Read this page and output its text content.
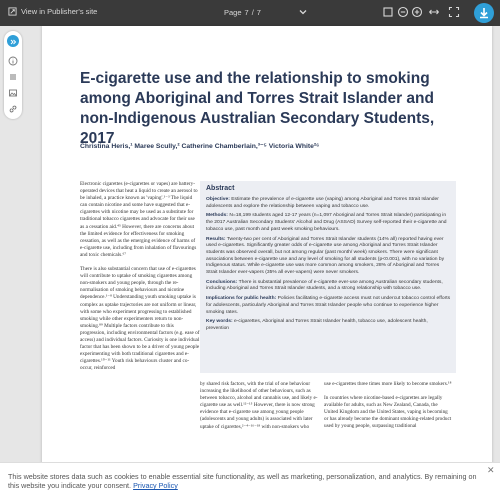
View in Publisher's site	Page 7 / 7
E-cigarette use and the relationship to smoking among Aboriginal and Torres Strait Islander and non-Indigenous Australian Secondary Students, 2017
Christina Heris,¹ Maree Scully,² Catherine Chamberlain,³⁻⁵ Victoria White²⁶

Electronic cigarettes (e-cigarettes or vapes) are battery-operated devices that heat a liquid to create an aerosol to be inhaled, a practice known as 'vaping'.¹⁻³ The liquid can contain nicotine and some have suggested that e-cigarettes with nicotine may be used as a substitute for traditional tobacco cigarettes and advocate for their use as a cessation aid.⁴⁵ However, there are concerns about the limited evidence for effectiveness for smoking cessation, as well as the emerging evidence of harms of e-cigarette use, including from inhalation of flavourings and toxic chemicals.⁶⁷

There is also substantial concern that use of e-cigarettes will contribute to uptake of smoking cigarettes among non-smokers and young people, through the re-normalisation of smoking behaviours and nicotine dependence.¹⁻⁸ Understanding youth smoking uptake is complex as uptake trajectories are not uniform or linear, with some who experiment progressing to established smoking while other experimenters return to non-smoking.⁸⁹ Multiple factors contribute to this progression, including environmental factors (e.g. ease of access) and individual factors. Curiosity is one individual factor that has been shown to be a driver of young people experimenting with both traditional cigarettes and e-cigarettes.¹⁰⁻¹¹ Youth risk behaviours cluster and co-occur, reinforced

Abstract

Objective: Estimate the prevalence of e-cigarette use (vaping) among Aboriginal and Torres Strait Islander adolescents and explore the relationship between vaping and tobacco use.

Methods: N=18,199 students aged 12-17 years (n=1,097 Aboriginal and Torres Strait Islander) participating in the 2017 Australian Secondary Students' Alcohol and Drug (ASSAD) Survey self-reported their e-cigarette and tobacco use, past month and past week smoking behaviours.

Results: Twenty-two per cent of Aboriginal and Torres Strait Islander students (14% all) reported having ever used e-cigarettes. Significantly greater odds of e-cigarette use among Aboriginal and Torres Strait Islander students was observed overall, but not among regular (past month/ week) smokers. There were significant associations between e-cigarette use and any level of smoking for all students (p<0.001), with no variation by Indigenous status. While e-cigarette use was more common among smokers, 28% of Aboriginal and Torres Strait Islander ever-vapers (35% all ever-vapers) were never smokers.

Conclusions: There is substantial prevalence of e-cigarette ever-use among Australian secondary students, including Aboriginal and Torres Strait Islander students, and a strong relationship with tobacco use.

Implications for public health: Policies facilitating e-cigarette access must not undercut tobacco control efforts for adolescents, particularly Aboriginal and Torres Strait Islander people who continue to experience higher smoking rates.

Key words: e-cigarettes, Aboriginal and Torres Strait Islander health, tobacco use, adolescent health, prevention

by shared risk factors, with the trial of one behaviour increasing the likelihood of other behaviours, such as between tobacco, alcohol and cannabis use, and likely e-cigarette use as well.¹²⁻¹⁵ However, there is now strong evidence that e-cigarette use among young people (adolescents and young adults) is associated with later uptake of cigarettes,²⁻⁴⁻¹⁶⁻¹⁸ with non-smokers who

use e-cigarettes three times more likely to become smokers.¹⁸

In countries where nicotine-based e-cigarettes are legally available for adults, such as New Zealand, Canada, the United Kingdom and the United States, vaping is becoming or has already become the dominant smoking-related product used by young people, surpassing traditional

This website stores data such as cookies to enable essential site functionality, as well as marketing, personalization, and analytics. By remaining on this website you indicate your consent. Privacy Policy
✕
